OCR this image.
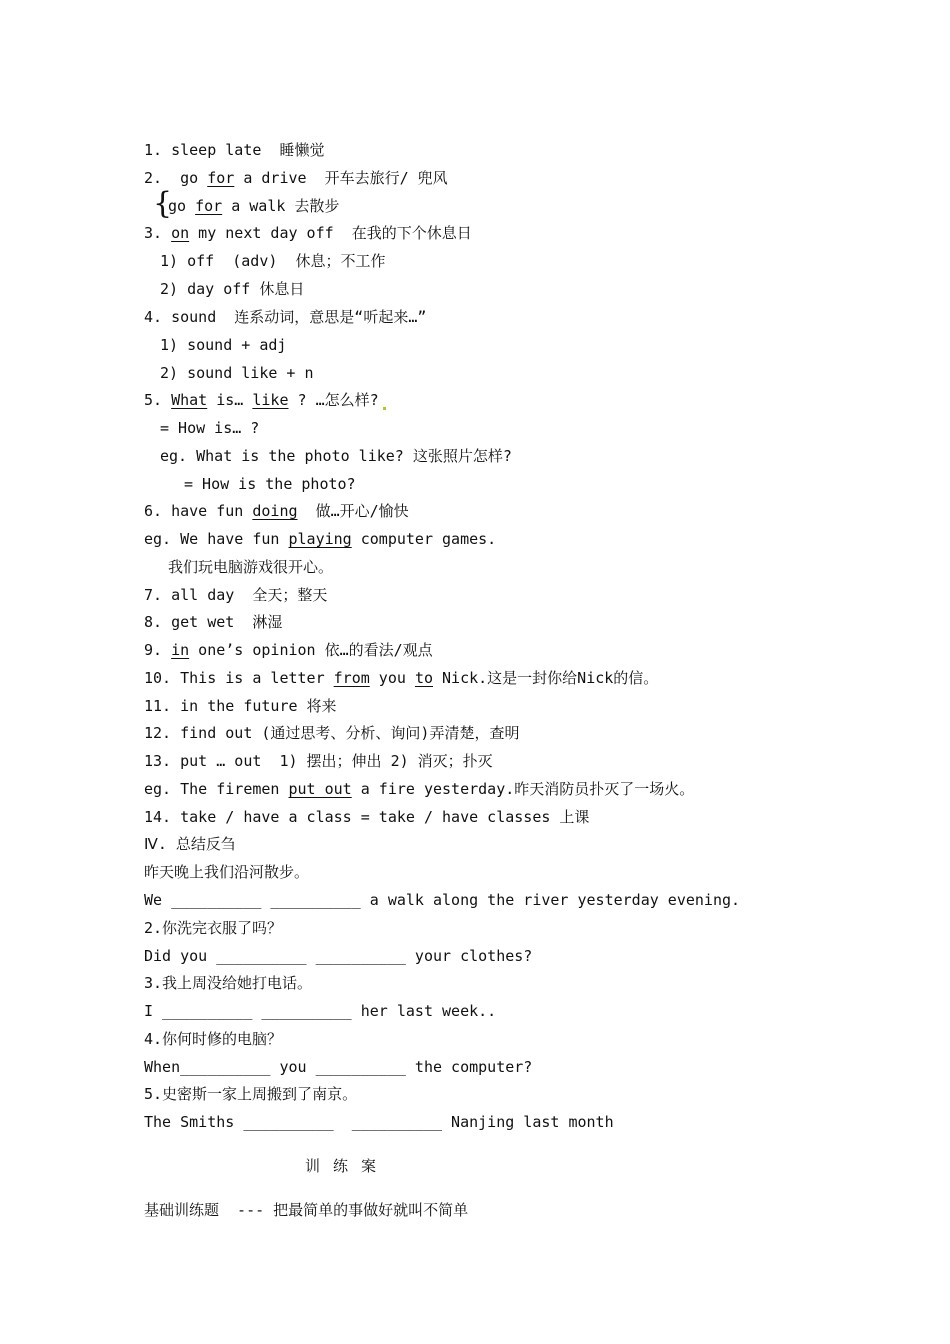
1. sleep late  睡懒觉
2.  go for a drive  开车去旅行/ 兜风
{
go for a walk 去散步
3. on my next day off  在我的下个休息日
1) off  (adv)  休息；不工作
2) day off 休息日
4. sound  连系动词，意思是“听起来…”
1) sound + adj
2) sound like + n
5. What is… like ? …怎么样?
= How is… ?
eg. What is the photo like? 这张照片怎样?
= How is the photo?
6. have fun doing  做…开心/愉快
eg. We have fun playing computer games.
我们玩电脑游戏很开心。
7. all day  全天；整天
8. get wet  淋湿
9. in one’s opinion 依…的看法/观点
10. This is a letter from you to Nick.这是一封你给Nick的信。
11. in the future 将来
12. find out (通过思考、分析、询问)弄清楚，查明
13. put … out  1) 摆出；伸出 2) 消灭；扑灭
eg. The firemen put out a fire yesterday.昨天消防员扑灭了一场火。
14. take / have a class = take / have classes 上课
Ⅳ. 总结反刍
昨天晚上我们沿河散步。
We __________ __________ a walk along the river yesterday evening.
2.你洗完衣服了吗？
Did you __________ __________ your clothes?
3.我上周没给她打电话。
I __________ __________ her last week..
4.你何时修的电脑？
When__________ you __________ the computer?
5.史密斯一家上周搬到了南京。
The Smiths __________  __________ Nanjing last month
训 练 案
基础训练题  --- 把最简单的事做好就叫不简单
